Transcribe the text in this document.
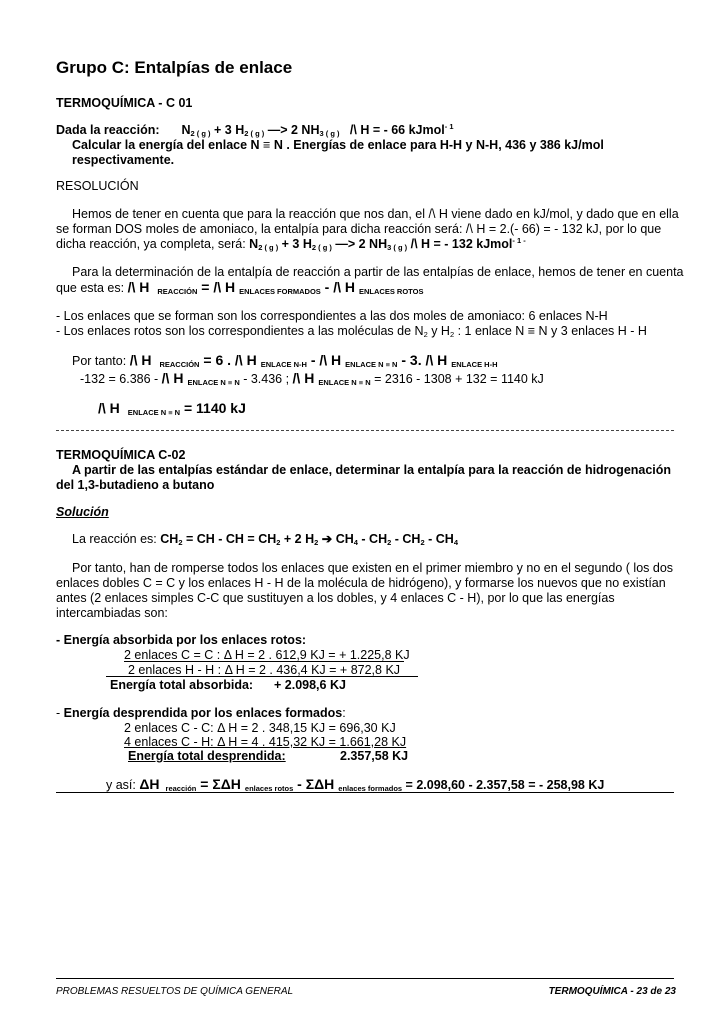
Grupo C: Entalpías de enlace
TERMOQUÍMICA - C 01
Dada la reacción: $N_{2 ( g )} + 3$ $H_{2 ( g )}$ —> 2 $NH_{3 ( g )}$ /\ H = - 66 kJmol$^{- 1}$
Calcular la energía del enlace N ≡ N . Energías de enlace para H-H y N-H, 436 y 386 kJ/mol
respectivamente.
RESOLUCIÓN
Hemos de tener en cuenta que para la reacción que nos dan, el /\ H viene dado en kJ/mol, y dado que en ella
se forman DOS moles de amoniaco, la entalpía para dicha reacción será: /\ H = 2.(- 66) = - 132 kJ, por lo que
dicha reacción, ya completa, será: $N_{2 ( g )} + 3$ $H_{2 ( g )}$ —> 2 $NH_{3 ( g )}$ /\ H = - 132 kJmol$^{- 1 -}$
Para la determinación de la entalpía de reacción a partir de las entalpías de enlace, hemos de tener en cuenta
que esta es: /\ H $_{REACCIÓN}$ = /\ H $_{ENLACES FORMADOS}$ - /\ H $_{ENLACES ROTOS}$
- Los enlaces que se forman son los correspondientes a las dos moles de amoniaco: 6 enlaces N-H
- Los enlaces rotos son los correspondientes a las moléculas de $N_2$ y $H_2$ : 1 enlace N ≡ N y 3 enlaces H - H
Por tanto: /\ H $_{REACCIÓN}$ = 6 . /\ H $_{ENLACE N-H}$ - /\ H $_{ENLACE N \equiv N}$ - 3. /\ H $_{ENLACE H-H}$
-132 = 6.386 - /\ H $_{ENLACE N \equiv N}$ - 3.436 ; /\ H $_{ENLACE N \equiv N}$ = 2316 - 1308 + 132 = 1140 kJ
/\ H $_{ENLACE N \equiv N}$ = 1140 kJ
TERMOQUÍMICA C-02
A partir de las entalpías estándar de enlace, determinar la entalpía para la reacción de hidrogenación
del 1,3-butadieno a butano
Solución
La reacción es: $CH_2$ = CH - CH = $CH_2 + 2$ $H_2$ ➔ $CH_4 - CH_2 - CH_2 - CH_4$
Por tanto, han de romperse todos los enlaces que existen en el primer miembro y no en el segundo ( los dos
enlaces dobles C = C y los enlaces H - H de la molécula de hidrógeno), y formarse los nuevos que no existían
antes (2 enlaces simples C-C que sustituyen a los dobles, y 4 enlaces C - H), por lo que las energías
intercambiadas son:
- Energía absorbida por los enlaces rotos:
2 enlaces C = C : Δ H = 2 . 612,9 KJ = + 1.225,8 KJ
2 enlaces H - H : Δ H = 2 . 436,4 KJ = + 872,8 KJ
Energía total absorbida: + 2.098,6 KJ
- Energía desprendida por los enlaces formados:
2 enlaces C - C: Δ H = 2 . 348,15 KJ = 696,30 KJ
4 enlaces C - H: Δ H = 4 . 415,32 KJ = 1.661,28 KJ
Energía total desprendida:	2.357,58 KJ
y así: ΔH $_{reacción}$ = ΣΔH $_{enlaces rotos}$ - ΣΔH $_{enlaces formados}$ = 2.098,60 - 2.357,58 = - 258,98 KJ
PROBLEMAS RESUELTOS DE QUÍMICA GENERAL	TERMOQUÍMICA - 23 de 23
